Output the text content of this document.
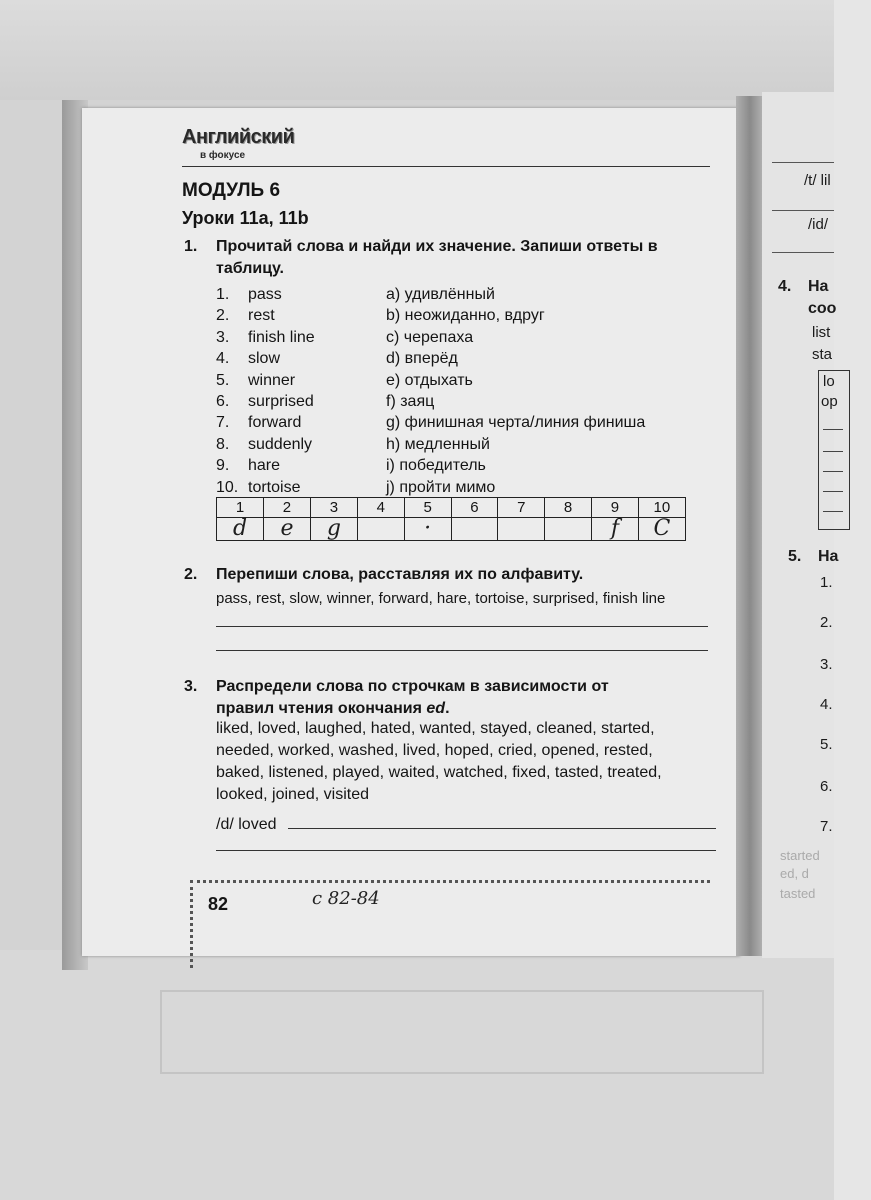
/t/ lil
/id/
4. Ha
coo
list
sta
lo
op
5. Ha
1.
2.
3.
4.
5.
6.
7.
started
ed, d
tasted
Английский
в фокусе
МОДУЛЬ 6
Уроки 11a, 11b
1. Прочитай слова и найди их значение. Запиши ответы в
таблицу.
1.	pass	a) удивлённый
2.	rest	b) неожиданно, вдруг
3.	finish line	c) черепаха
4.	slow	d) вперёд
5.	winner	e) отдыхать
6.	surprised	f) заяц
7.	forward	g) финишная черта/линия финиша
8.	suddenly	h) медленный
9.	hare	i) победитель
10. tortoise	j) пройти мимо
1	2	3	4	5	6	7	8	9	10
d	e	g		·				f	C
2. Перепиши слова, расставляя их по алфавиту.
pass, rest, slow, winner, forward, hare, tortoise, surprised, finish line
3. Распредели слова по строчкам в зависимости от
правил чтения окончания ed.
liked, loved, laughed, hated, wanted, stayed, cleaned, started,
needed, worked, washed, lived, hoped, cried, opened, rested,
baked, listened, played, waited, watched, fixed, tasted, treated,
looked, joined, visited
/d/ loved
82	c 82-84
